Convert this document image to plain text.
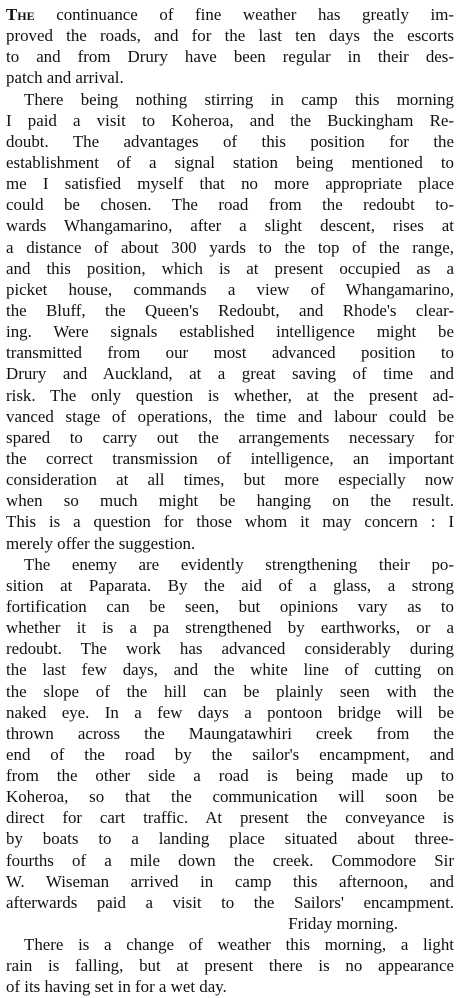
The continuance of fine weather has greatly im-
proved the roads, and for the last ten days the escorts
to and from Drury have been regular in their des-
patch and arrival.

There being nothing stirring in camp this morning
I paid a visit to Koheroa, and the Buckingham Re-
doubt. The advantages of this position for the
establishment of a signal station being mentioned to
me I satisfied myself that no more appropriate place
could be chosen. The road from the redoubt to-
wards Whangamarino, after a slight descent, rises at
a distance of about 300 yards to the top of the range,
and this position, which is at present occupied as a
picket house, commands a view of Whangamarino,
the Bluff, the Queen's Redoubt, and Rhode's clear-
ing. Were signals established intelligence might be
transmitted from our most advanced position to
Drury and Auckland, at a great saving of time and
risk. The only question is whether, at the present ad-
vanced stage of operations, the time and labour could be
spared to carry out the arrangements necessary for
the correct transmission of intelligence, an important
consideration at all times, but more especially now
when so much might be hanging on the result.
This is a question for those whom it may concern : I
merely offer the suggestion.

The enemy are evidently strengthening their po-
sition at Paparata. By the aid of a glass, a strong
fortification can be seen, but opinions vary as to
whether it is a pa strengthened by earthworks, or a
redoubt. The work has advanced considerably during
the last few days, and the white line of cutting on
the slope of the hill can be plainly seen with the
naked eye. In a few days a pontoon bridge will be
thrown across the Maungatawhiri creek from the
end of the road by the sailor's encampment, and
from the other side a road is being made up to
Koheroa, so that the communication will soon be
direct for cart traffic. At present the conveyance is
by boats to a landing place situated about three-
fourths of a mile down the creek. Commodore Sir
W. Wiseman arrived in camp this afternoon, and
afterwards paid a visit to the Sailors' encampment.

Friday morning.

There is a change of weather this morning, a light
rain is falling, but at present there is no appearance
of its having set in for a wet day.
